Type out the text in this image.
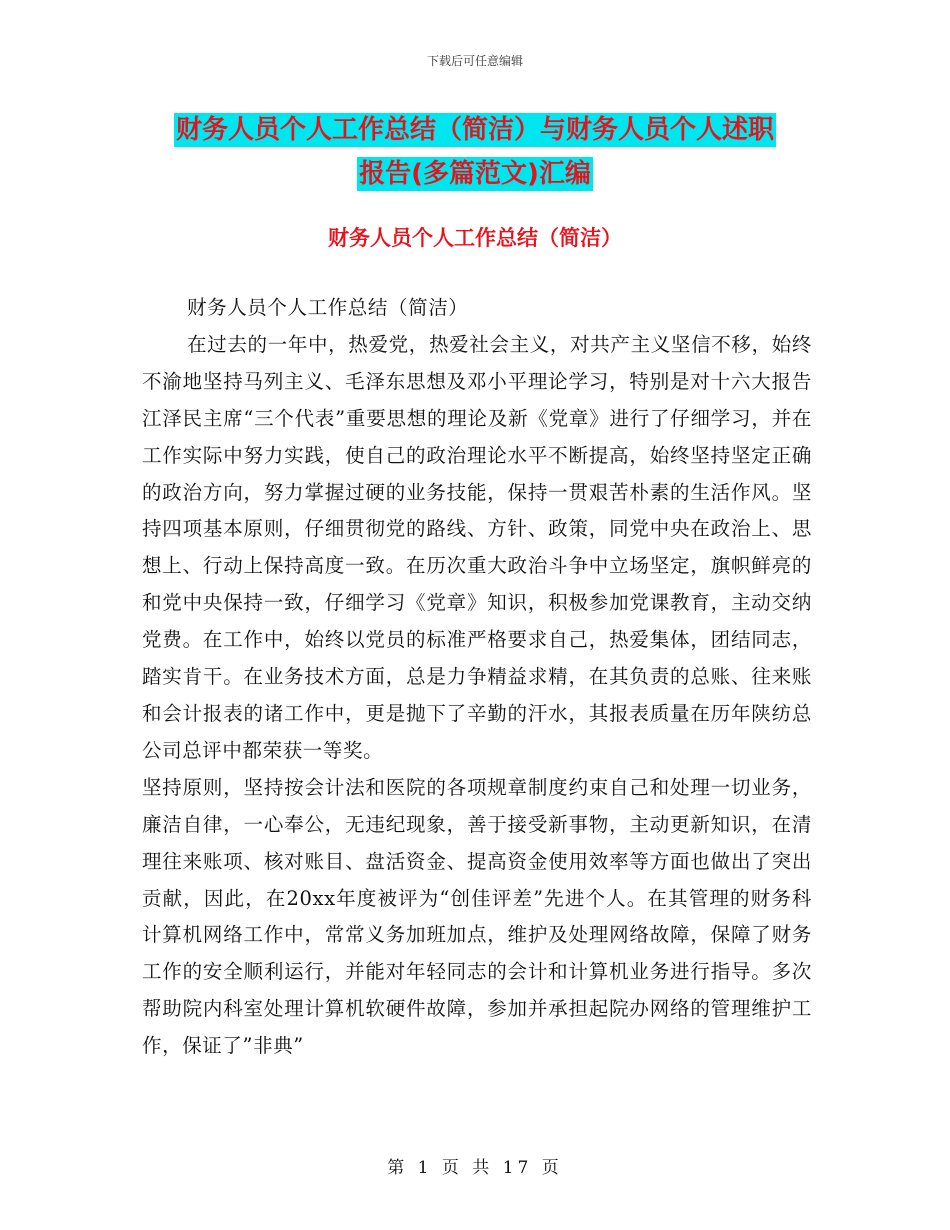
下载后可任意编辑
财务人员个人工作总结（简洁）与财务人员个人述职
报告(多篇范文)汇编
财务人员个人工作总结（简洁）

财务人员个人工作总结（简洁）

在过去的一年中，热爱党，热爱社会主义，对共产主义坚信不移，始终不渝地坚持马列主义、毛泽东思想及邓小平理论学习，特别是对十六大报告江泽民主席“三个代表”重要思想的理论及新《党章》进行了仔细学习，并在工作实际中努力实践，使自己的政治理论水平不断提高，始终坚持坚定正确的政治方向，努力掌握过硬的业务技能，保持一贯艰苦朴素的生活作风。坚持四项基本原则，仔细贯彻党的路线、方针、政策，同党中央在政治上、思想上、行动上保持高度一致。在历次重大政治斗争中立场坚定，旗帜鲜亮的和党中央保持一致，仔细学习《党章》知识，积极参加党课教育，主动交纳党费。在工作中，始终以党员的标准严格要求自己，热爱集体，团结同志，踏实肯干。在业务技术方面，总是力争精益求精，在其负责的总账、往来账和会计报表的诸工作中，更是抛下了辛勤的汗水，其报表质量在历年陕纺总公司总评中都荣获一等奖。

坚持原则，坚持按会计法和医院的各项规章制度约束自己和处理一切业务，廉洁自律，一心奉公，无违纪现象，善于接受新事物，主动更新知识，在清理往来账项、核对账目、盘活资金、提高资金使用效率等方面也做出了突出贡献，因此，在20xx年度被评为“创佳评差”先进个人。在其管理的财务科计算机网络工作中，常常义务加班加点，维护及处理网络故障，保障了财务工作的安全顺利运行，并能对年轻同志的会计和计算机业务进行指导。多次帮助院内科室处理计算机软硬件故障，参加并承担起院办网络的管理维护工作，保证了”非典”

第 1 页 共 17 页
